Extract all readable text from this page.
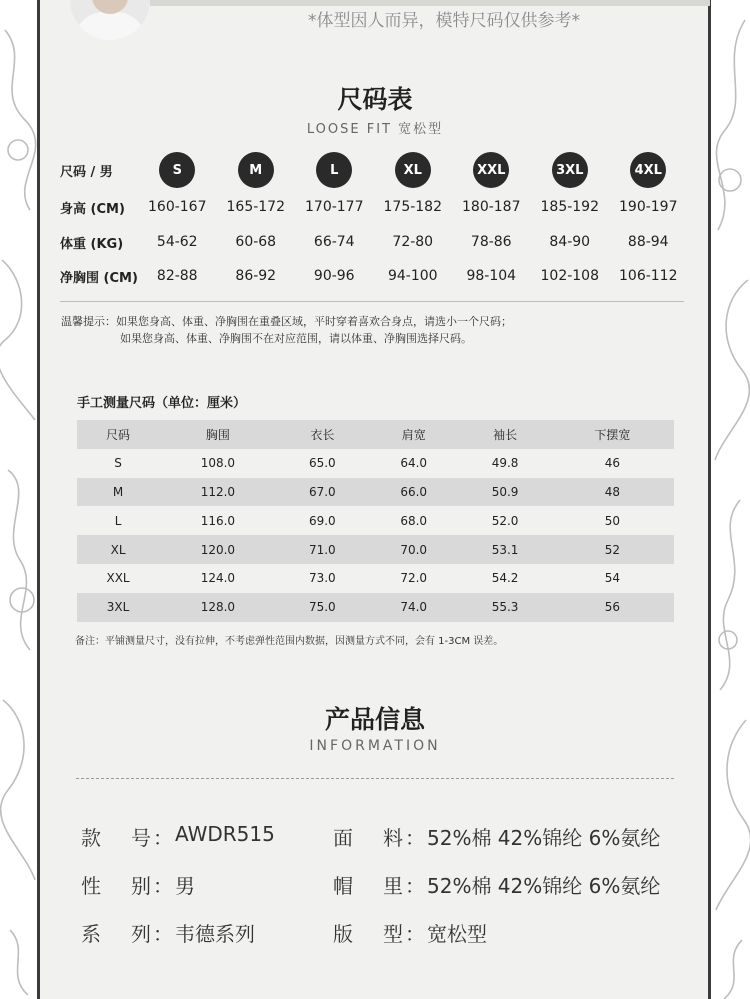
*体型因人而异，模特尺码仅供参考*
尺码表
LOOSE FIT 宽松型
尺码 / 男	S	M	L	XL	XXL	3XL	4XL
身高 (CM)	160-167	165-172	170-177	175-182	180-187	185-192	190-197
体重 (KG)	54-62	60-68	66-74	72-80	78-86	84-90	88-94
净胸围 (CM)	82-88	86-92	90-96	94-100	98-104	102-108	106-112
温馨提示：如果您身高、体重、净胸围在重叠区域，平时穿着喜欢合身点，请选小一个尺码；
如果您身高、体重、净胸围不在对应范围，请以体重、净胸围选择尺码。
手工测量尺码（单位：厘米）
尺码	胸围	衣长	肩宽	袖长	下摆宽
S	108.0	65.0	64.0	49.8	46
M	112.0	67.0	66.0	50.9	48
L	116.0	69.0	68.0	52.0	50
XL	120.0	71.0	70.0	53.1	52
XXL	124.0	73.0	72.0	54.2	54
3XL	128.0	75.0	74.0	55.3	56
备注：平铺测量尺寸，没有拉伸，不考虑弹性范围内数据，因测量方式不同，会有 1-3CM 误差。
产品信息
INFORMATION
款 号 ： AWDR515	面 料 ： 52%棉 42%锦纶 6%氨纶
性 别 ： 男	帽 里 ： 52%棉 42%锦纶 6%氨纶
系 列 ： 韦德系列	版 型 ： 宽松型
